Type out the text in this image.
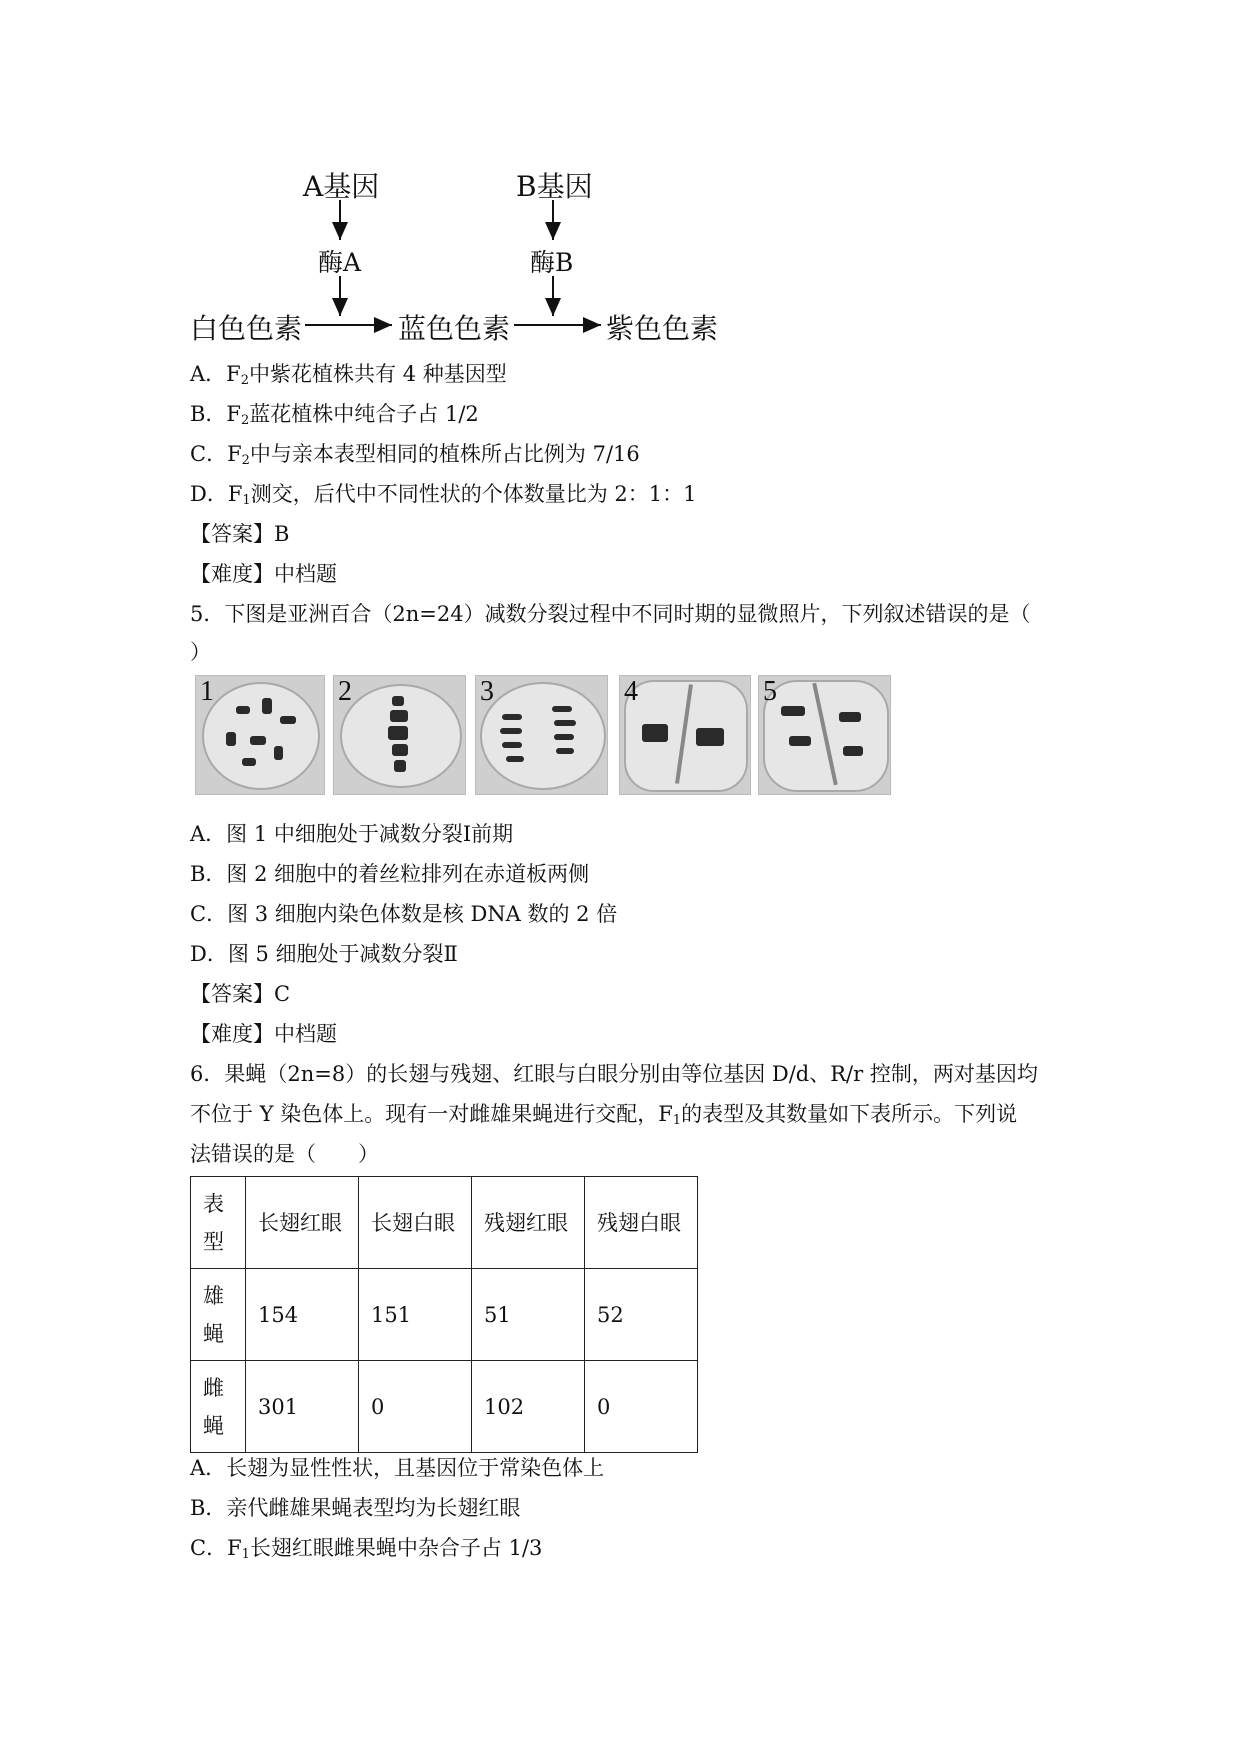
A基因	B基因
酶A	酶B
白色色素	蓝色色素	紫色色素
A．$F_2$中紫花植株共有 4 种基因型
B．$F_2$蓝花植株中纯合子占 1/2
C．$F_2$中与亲本表型相同的植株所占比例为 7/16
D．$F_1$测交，后代中不同性状的个体数量比为 2：1：1
【答案】B
【难度】中档题
5．下图是亚洲百合（2n=24）减数分裂过程中不同时期的显微照片，下列叙述错误的是（
）
1	2	3	4	5
A．图 1 中细胞处于减数分裂Ⅰ前期
B．图 2 细胞中的着丝粒排列在赤道板两侧
C．图 3 细胞内染色体数是核 DNA 数的 2 倍
D．图 5 细胞处于减数分裂Ⅱ
【答案】C
【难度】中档题
6．果蝇（2n=8）的长翅与残翅、红眼与白眼分别由等位基因 D/d、R/r 控制，两对基因均
不位于 Y 染色体上。现有一对雌雄果蝇进行交配，$F_1$的表型及其数量如下表所示。下列说
法错误的是（　　）
表型	长翅红眼	长翅白眼	残翅红眼	残翅白眼
雄蝇	154	151	51	52
雌蝇	301	0	102	0
A．长翅为显性性状，且基因位于常染色体上
B．亲代雌雄果蝇表型均为长翅红眼
C．$F_1$长翅红眼雌果蝇中杂合子占 1/3
